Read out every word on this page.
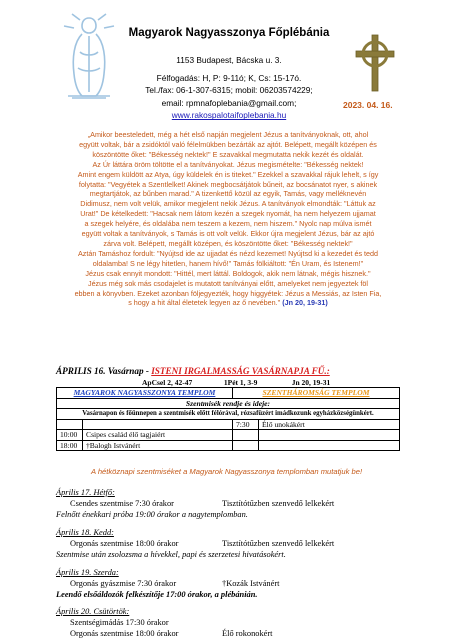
Magyarok Nagyasszonya Főplébánia
1153 Budapest, Bácska u. 3.
Félfogadás: H, P: 9-11ó; K, Cs: 15-17ó.
Tel./fax: 06-1-307-6315; mobil: 06203574229;
email: rpmnafoplebania@gmail.com;
www.rakospalotaifoplebania.hu
2023. 04. 16.
„Amikor beesteledett, még a hét első napján megjelent Jézus a tanítványoknak, ott, ahol
együtt voltak, bár a zsidóktól való félelmükben bezárták az ajtót. Belépett, megállt középen és
köszöntötte őket: "Békesség nektek!" E szavakkal megmutatta nekik kezét és oldalát.
Az Úr láttára öröm töltötte el a tanítványokat. Jézus megismételte: "Békesség nektek!
Amint engem küldött az Atya, úgy küldelek én is titeket." Ezekkel a szavakkal rájuk lehelt, s így
folytatta: "Vegyétek a Szentlelket! Akinek megbocsátjátok bűneit, az bocsánatot nyer, s akinek
megtartjátok, az bűnben marad." A tizenkettő közül az egyik, Tamás, vagy melléknevén
Didimusz, nem volt velük, amikor megjelent nekik Jézus. A tanítványok elmondták: "Láttuk az
Urat!" De kételkedett: "Hacsak nem látom kezén a szegek nyomát, ha nem helyezem ujjamat
a szegek helyére, és oldalába nem teszem a kezem, nem hiszem." Nyolc nap múlva ismét
együtt voltak a tanítványok, s Tamás is ott volt velük. Ekkor újra megjelent Jézus, bár az ajtó
zárva volt. Belépett, megállt középen, és köszöntötte őket: "Békesség nektek!"
Aztán Tamáshoz fordult: "Nyújtsd ide az ujjadat és nézd kezemet! Nyújtsd ki a kezedet és tedd
oldalamba! S ne légy hitetlen, hanem hívő!" Tamás fölkiáltott: "Én Uram, és Istenem!"
Jézus csak ennyit mondott: "Hittél, mert láttál. Boldogok, akik nem látnak, mégis hisznek."
Jézus még sok más csodajelet is mutatott tanítványai előtt, amelyeket nem jegyeztek föl
ebben a könyvben. Ezeket azonban följegyezték, hogy higgyétek: Jézus a Messiás, az Isten Fia,
s hogy a hit által életetek legyen az ő nevében." (Jn 20, 19-31)
ÁPRILIS 16. Vasárnap - ISTENI IRGALMASSÁG VASÁRNAPJA FŰ.:
ApCsel 2, 42-47	1Pét 1, 3-9	Jn 20, 19-31
MAGYAROK NAGYASSZONYA TEMPLOM		SZENTHÁROMSÁG TEMPLOM	
Szentmisék rendje és ideje:			
Vasárnapon és főünnepen a szentmisék előtt félórával, rózsafüzért imádkozunk egyházközségünkért.			
		7:30	Élő unokákért
10:00	Csipes család élő tagjaiért		
18:00	†Balogh Istvánért		
A hétköznapi szentmiséket a Magyarok Nagyasszonya templomban mutatjuk be!
Április 17. Hétfő:
Csendes szentmise 7:30 órakor	Tisztítótűzben szenvedő lelkekért
Felnőtt énekkari próba 19:00 órakor a nagytemplomban.
Április 18. Kedd:
Orgonás szentmise 18:00 órakor	Tisztítótűzben szenvedő lelkekért
Szentmise után zsolozsma a hívekkel, papi és szerzetesi hivatásokért.
Április 19. Szerda:
Orgonás gyászmise 7:30 órakor	†Kozák Istvánért
Leendő elsőáldozók felkészítője 17:00 órakor, a plébánián.
Április 20. Csütörtök:
Szentségimádás 17:30 órakor
Orgonás szentmise 18:00 órakor	Élő rokonokért
